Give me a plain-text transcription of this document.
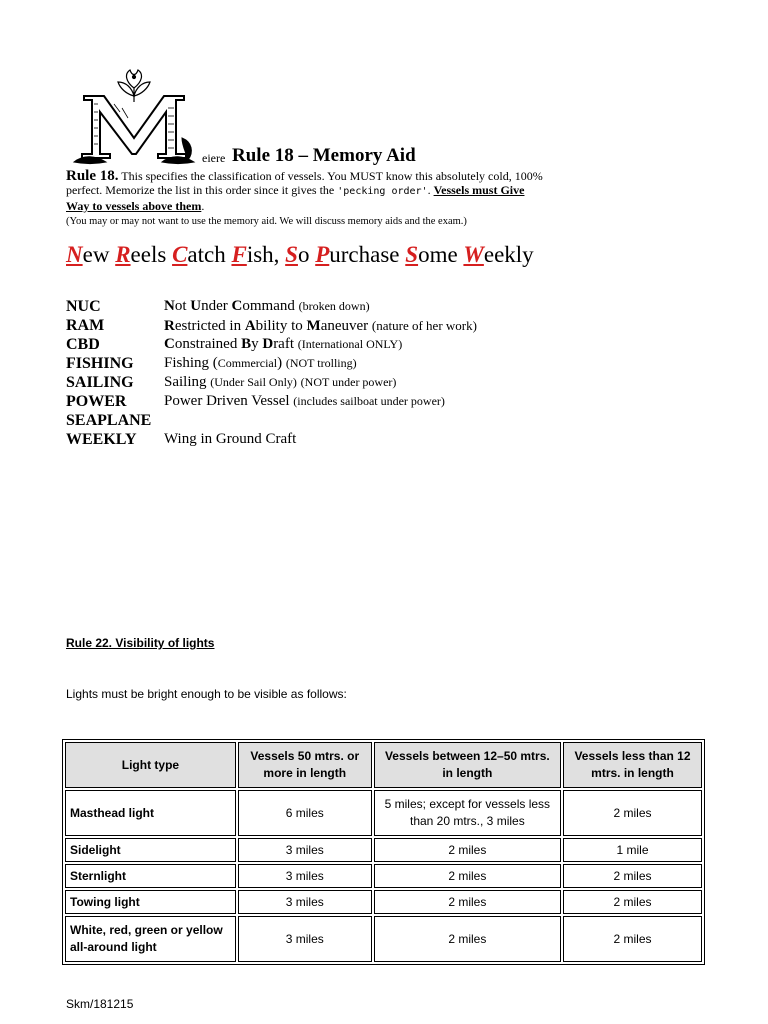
M
eiere Rule 18 – Memory Aid
Rule 18. This specifies the classification of vessels. You MUST know this absolutely cold, 100% perfect. Memorize the list in this order since it gives the 'pecking order'. Vessels must Give Way to vessels above them.
(You may or may not want to use the memory aid. We will discuss memory aids and the exam.)
New Reels Catch Fish, So Purchase Some Weekly
NUC	Not Under Command (broken down)
RAM	Restricted in Ability to Maneuver (nature of her work)
CBD	Constrained By Draft (International ONLY)
FISHING Fishing (Commercial) (NOT trolling)
SAILING Sailing (Under Sail Only) (NOT under power)
POWER	Power Driven Vessel (includes sailboat under power)
SEAPLANE
WEEKLY Wing in Ground Craft
Rule 22. Visibility of lights
Lights must be bright enough to be visible as follows:
Light type	Vessels 50 mtrs. or more in length	Vessels between 12–50 mtrs. in length	Vessels less than 12 mtrs. in length
Masthead light	6 miles	5 miles; except for vessels less than 20 mtrs., 3 miles	2 miles
Sidelight	3 miles	2 miles	1 mile
Sternlight	3 miles	2 miles	2 miles
Towing light	3 miles	2 miles	2 miles
White, red, green or yellow all-around light	3 miles	2 miles	2 miles
Skm/181215
